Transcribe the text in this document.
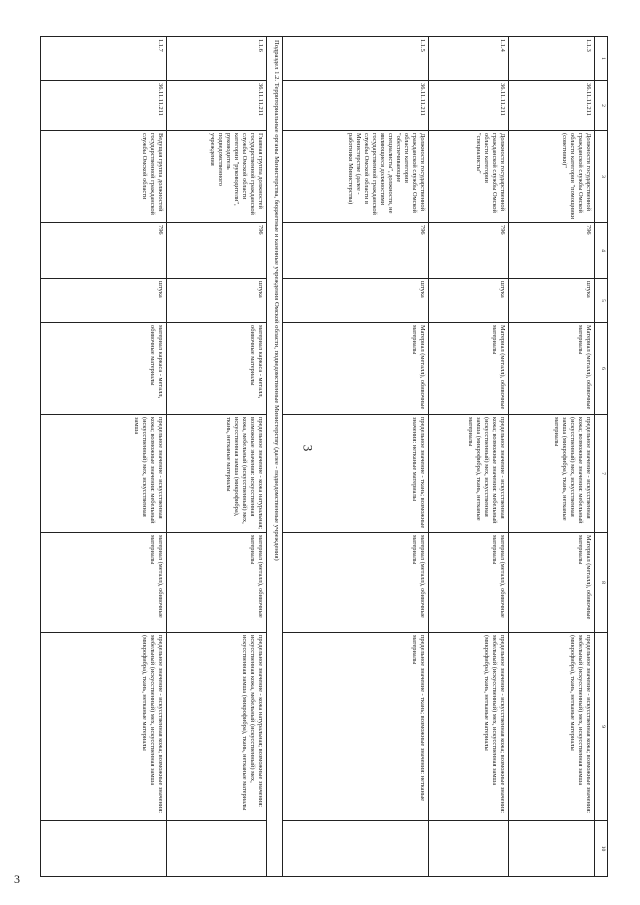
3
3
1	2	3	4	5	6	7	8	9	10
1.1.3	36.11.11.211	Должности государственной гражданской службы Омской области категории "помощники (советники)"	796	штука	Материал (металл), обивочные материалы	предельное значение - искусственная кожа; возможные значения: мебельный (искусственный) мех, искусственная замша (микрофибра), ткань, нетканые материалы	Материал (металл), обивочные материалы	предельное значение - искусственная кожа; возможные значения: мебельный (искусственный) мех, искусственная замша (микрофибра), ткань, нетканые материалы	
1.1.4	36.11.11.211	Должности государственной гражданской службы Омской области категории "специалисты"	796	штука	Материал (металл), обивочные материалы	предельное значение - искусственная кожа; возможные значения: мебельный (искусственный) мех, искусственная замша (микрофибра), ткань, нетканые материалы	материал (металл), обивочные материалы	предельное значение - искусственная кожа; возможные значения: мебельный (искусственный) мех, искусственная замша (микрофибра), ткань, нетканые материалы	
1.1.5	36.11.11.211	Должности государственной гражданской службы Омской области категории "обеспечивающие специалисты", должности, не являющиеся должностями государственной гражданской службы Омской области в Министерстве (далее - работники Министерства)	796	штука	Материал (металл), обивочные материалы	предельное значение - ткань; возможные значения: нетканые материалы	материал (металл), обивочные материалы	предельное значение - ткань; возможные значения: нетканые материалы	
Подраздел 1.2. Территориальные органы Министерства, бюджетные и казенные учреждения Омской области, подведомственные Министерству (далее - подведомственные учреждения)									
1.1.6	36.11.11.211	Главная группа должностей государственной гражданской службы Омской области категории "руководители", руководитель подведомственного учреждения	796	штука	материал каркаса - металл, обивочные материалы	предельное значение - кожа натуральная; возможные значения: искусственная кожа, мебельный (искусственный) мех, искусственная замша (микрофибра), ткань, нетканые материалы	материал (металл), обивочные материалы	предельное значение - кожа натуральная; возможные значения: искусственная кожа, мебельный (искусственный) мех, искусственная замша (микрофибра), ткань, нетканые материалы	
1.1.7	36.11.11.211	Ведущая группа должностей государственной гражданской службы Омской области	796	штука	материал каркаса - металл, обивочные материалы	предельное значение - искусственная кожа; возможные значения: мебельный (искусственный) мех, искусственная замша	материал (металл), обивочные материалы	предельное значение - искусственная кожа; возможные значения: мебельный (искусственный) мех, искусственная замша (микрофибра), ткань, нетканые материалы	
